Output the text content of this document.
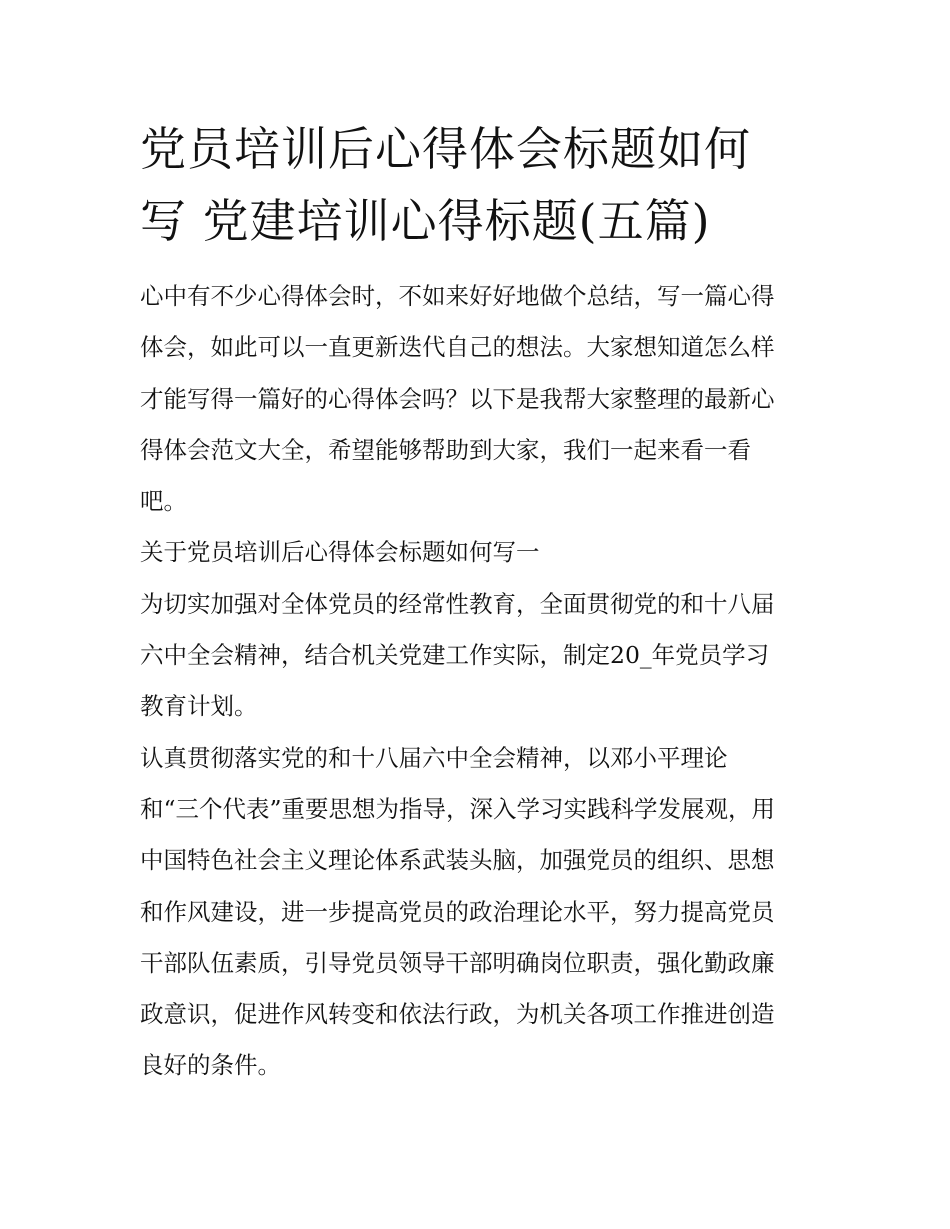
党员培训后心得体会标题如何
写 党建培训心得标题(五篇)

心中有不少心得体会时，不如来好好地做个总结，写一篇心得
体会，如此可以一直更新迭代自己的想法。大家想知道怎么样
才能写得一篇好的心得体会吗？以下是我帮大家整理的最新心
得体会范文大全，希望能够帮助到大家，我们一起来看一看
吧。

关于党员培训后心得体会标题如何写一

为切实加强对全体党员的经常性教育，全面贯彻党的和十八届
六中全会精神，结合机关党建工作实际，制定20_年党员学习
教育计划。

认真贯彻落实党的和十八届六中全会精神，以邓小平理论
和“三个代表”重要思想为指导，深入学习实践科学发展观，用
中国特色社会主义理论体系武装头脑，加强党员的组织、思想
和作风建设，进一步提高党员的政治理论水平，努力提高党员
干部队伍素质，引导党员领导干部明确岗位职责，强化勤政廉
政意识，促进作风转变和依法行政，为机关各项工作推进创造
良好的条件。
